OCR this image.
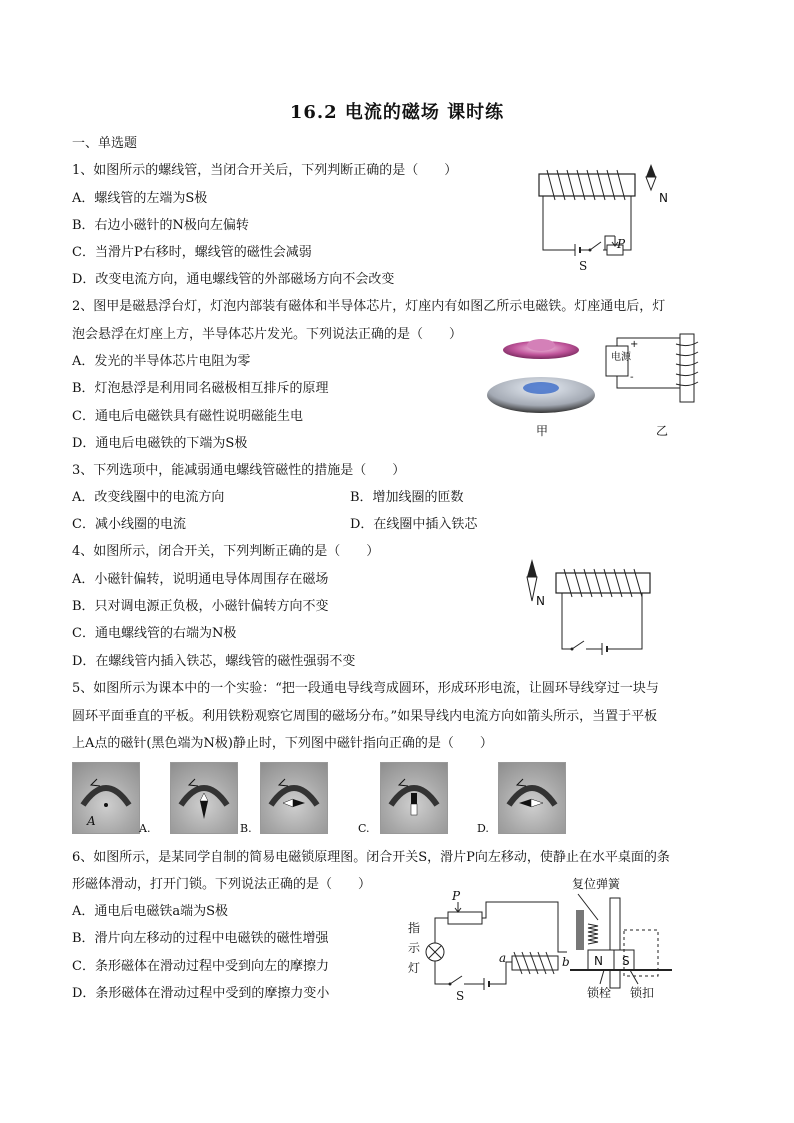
16.2 电流的磁场 课时练
一、单选题
1、如图所示的螺线管，当闭合开关后，下列判断正确的是（　　）
A．螺线管的左端为S极
B．右边小磁针的N极向左偏转
C．当滑片P右移时，螺线管的磁性会减弱
D．改变电流方向，通电螺线管的外部磁场方向不会改变
N
S
P
2、图甲是磁悬浮台灯，灯泡内部装有磁体和半导体芯片，灯座内有如图乙所示电磁铁。灯座通电后，灯
泡会悬浮在灯座上方，半导体芯片发光。下列说法正确的是（　　）
A．发光的半导体芯片电阻为零
B．灯泡悬浮是利用同名磁极相互排斥的原理
C．通电后电磁铁具有磁性说明磁能生电
D．通电后电磁铁的下端为S极
甲
电源
+
-
乙
3、下列选项中，能减弱通电螺线管磁性的措施是（　　）
A．改变线圈中的电流方向	B．增加线圈的匝数
C．减小线圈的电流	D．在线圈中插入铁芯
4、如图所示，闭合开关，下列判断正确的是（　　）
A．小磁针偏转，说明通电导体周围存在磁场
B．只对调电源正负极，小磁针偏转方向不变
C．通电螺线管的右端为N极
D．在螺线管内插入铁芯，螺线管的磁性强弱不变
N
5、如图所示为课本中的一个实验：“把一段通电导线弯成圆环，形成环形电流，让圆环导线穿过一块与
圆环平面垂直的平板。利用铁粉观察它周围的磁场分布。”如果导线内电流方向如箭头所示，当置于平板
上A点的磁针(黑色端为N极)静止时，下列图中磁针指向正确的是（　　）
A
A.	B.	C.	D.
6、如图所示，是某同学自制的简易电磁锁原理图。闭合开关S，滑片P向左移动，使静止在水平桌面的条
形磁体滑动，打开门锁。下列说法正确的是（　　）
A．通电后电磁铁a端为S极
B．滑片向左移动的过程中电磁铁的磁性增强
C．条形磁体在滑动过程中受到向左的摩擦力
D．条形磁体在滑动过程中受到的摩擦力变小
复位弹簧
N S
锁栓 锁扣
指
示
灯
P
S
a	b
